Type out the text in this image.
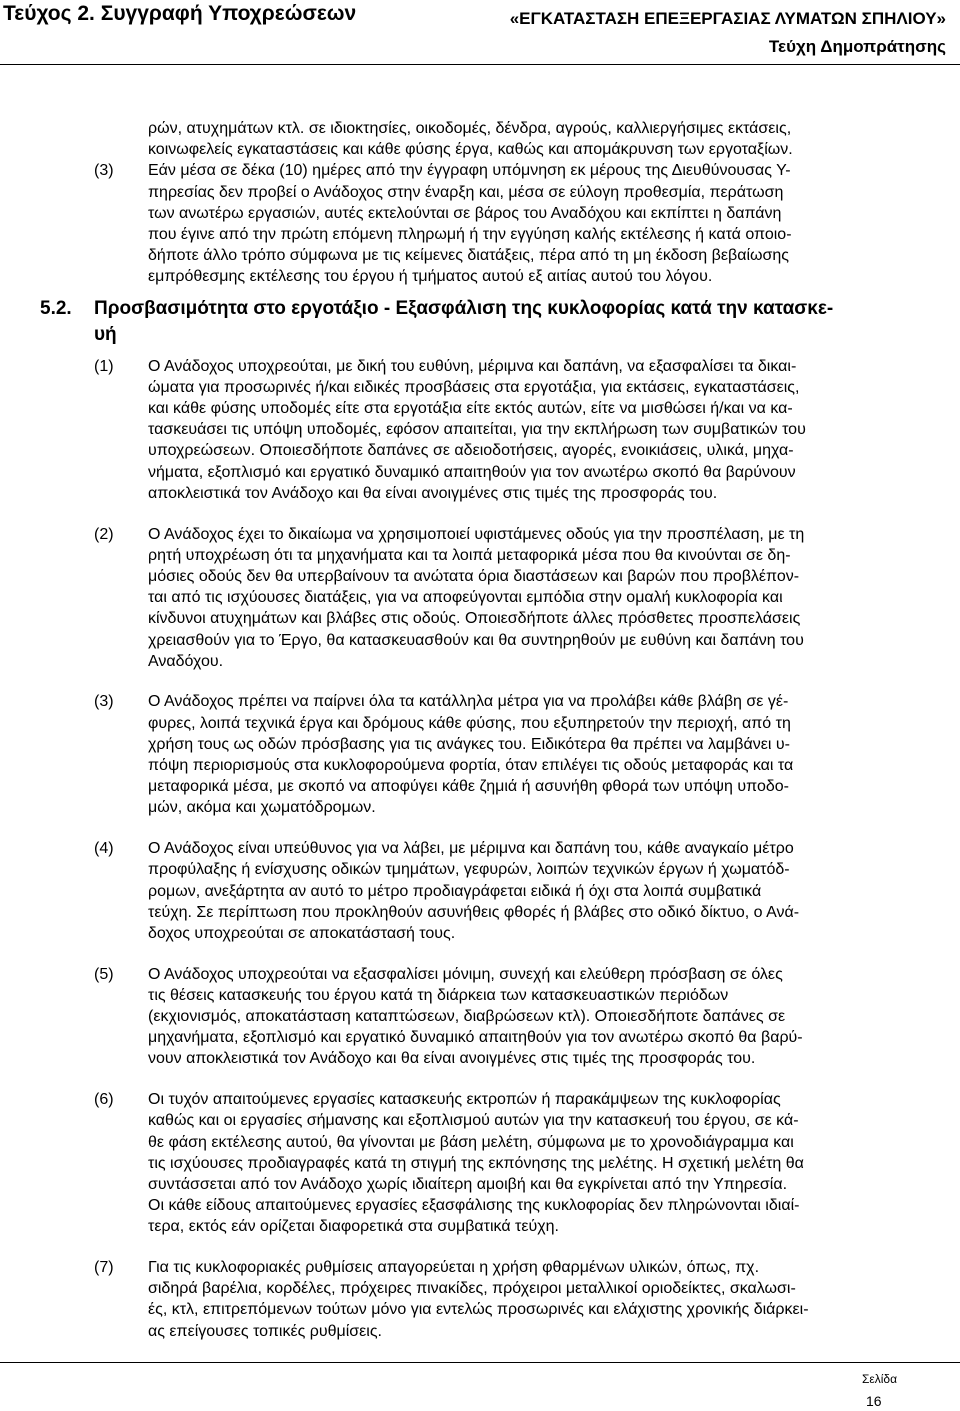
Τεύχος 2. Συγγραφή Υποχρεώσεων	«ΕΓΚΑΤΑΣΤΑΣΗ ΕΠΕΞΕΡΓΑΣΙΑΣ ΛΥΜΑΤΩΝ ΣΠΗΛΙΟΥ»
Τεύχη Δημοπράτησης
ρών, ατυχημάτων κτλ. σε ιδιοκτησίες, οικοδομές, δένδρα, αγρούς, καλλιεργήσιμες εκτάσεις,
κοινωφελείς εγκαταστάσεις και κάθε φύσης έργα, καθώς και απομάκρυνση των εργοταξίων.
(3) Εάν μέσα σε δέκα (10) ημέρες από την έγγραφη υπόμνηση εκ μέρους της Διευθύνουσας Υ-
πηρεσίας δεν προβεί ο Ανάδοχος στην έναρξη και, μέσα σε εύλογη προθεσμία, περάτωση
των ανωτέρω εργασιών, αυτές εκτελούνται σε βάρος του Αναδόχου και εκπίπτει η δαπάνη
που έγινε από την πρώτη επόμενη πληρωμή ή την εγγύηση καλής εκτέλεσης ή κατά οποιο-
δήποτε άλλο τρόπο σύμφωνα με τις κείμενες διατάξεις, πέρα από τη μη έκδοση βεβαίωσης
εμπρόθεσμης εκτέλεσης του έργου ή τμήματος αυτού εξ αιτίας αυτού του λόγου.
5.2. Προσβασιμότητα στο εργοτάξιο - Εξασφάλιση της κυκλοφορίας κατά την κατασκε-
υή
(1) Ο Ανάδοχος υποχρεούται, με δική του ευθύνη, μέριμνα και δαπάνη, να εξασφαλίσει τα δικαι-
ώματα για προσωρινές ή/και ειδικές προσβάσεις στα εργοτάξια, για εκτάσεις, εγκαταστάσεις,
και κάθε φύσης υποδομές είτε στα εργοτάξια είτε εκτός αυτών, είτε να μισθώσει ή/και να κα-
τασκευάσει τις υπόψη υποδομές, εφόσον απαιτείται, για την εκπλήρωση των συμβατικών του
υποχρεώσεων. Οποιεσδήποτε δαπάνες σε αδειοδοτήσεις, αγορές, ενοικιάσεις, υλικά, μηχα-
νήματα, εξοπλισμό και εργατικό δυναμικό απαιτηθούν για τον ανωτέρω σκοπό θα βαρύνουν
αποκλειστικά τον Ανάδοχο και θα είναι ανοιγμένες στις τιμές της προσφοράς του.
(2) Ο Ανάδοχος έχει το δικαίωμα να χρησιμοποιεί υφιστάμενες οδούς για την προσπέλαση, με τη
ρητή υποχρέωση ότι τα μηχανήματα και τα λοιπά μεταφορικά μέσα που θα κινούνται σε δη-
μόσιες οδούς δεν θα υπερβαίνουν τα ανώτατα όρια διαστάσεων και βαρών που προβλέπον-
ται από τις ισχύουσες διατάξεις, για να αποφεύγονται εμπόδια στην ομαλή κυκλοφορία και
κίνδυνοι ατυχημάτων και βλάβες στις οδούς. Οποιεσδήποτε άλλες πρόσθετες προσπελάσεις
χρειασθούν για το Έργο, θα κατασκευασθούν και θα συντηρηθούν με ευθύνη και δαπάνη του
Αναδόχου.
(3) Ο Ανάδοχος πρέπει να παίρνει όλα τα κατάλληλα μέτρα για να προλάβει κάθε βλάβη σε γέ-
φυρες, λοιπά τεχνικά έργα και δρόμους κάθε φύσης, που εξυπηρετούν την περιοχή, από τη
χρήση τους ως οδών πρόσβασης για τις ανάγκες του. Ειδικότερα θα πρέπει να λαμβάνει υ-
πόψη περιορισμούς στα κυκλοφορούμενα φορτία, όταν επιλέγει τις οδούς μεταφοράς και τα
μεταφορικά μέσα, με σκοπό να αποφύγει κάθε ζημιά ή ασυνήθη φθορά των υπόψη υποδο-
μών, ακόμα και χωματόδρομων.
(4) Ο Ανάδοχος είναι υπεύθυνος για να λάβει, με μέριμνα και δαπάνη του, κάθε αναγκαίο μέτρο
προφύλαξης ή ενίσχυσης οδικών τμημάτων, γεφυρών, λοιπών τεχνικών έργων ή χωματόδ-
ρομων, ανεξάρτητα αν αυτό το μέτρο προδιαγράφεται ειδικά ή όχι στα λοιπά συμβατικά
τεύχη. Σε περίπτωση που προκληθούν ασυνήθεις φθορές ή βλάβες στο οδικό δίκτυο, ο Ανά-
δοχος υποχρεούται σε αποκατάστασή τους.
(5) Ο Ανάδοχος υποχρεούται να εξασφαλίσει μόνιμη, συνεχή και ελεύθερη πρόσβαση σε όλες
τις θέσεις κατασκευής του έργου κατά τη διάρκεια των κατασκευαστικών περιόδων
(εκχιονισμός, αποκατάσταση καταπτώσεων, διαβρώσεων κτλ). Οποιεσδήποτε δαπάνες σε
μηχανήματα, εξοπλισμό και εργατικό δυναμικό απαιτηθούν για τον ανωτέρω σκοπό θα βαρύ-
νουν αποκλειστικά τον Ανάδοχο και θα είναι ανοιγμένες στις τιμές της προσφοράς του.
(6) Οι τυχόν απαιτούμενες εργασίες κατασκευής εκτροπών ή παρακάμψεων της κυκλοφορίας
καθώς και οι εργασίες σήμανσης και εξοπλισμού αυτών για την κατασκευή του έργου, σε κά-
θε φάση εκτέλεσης αυτού, θα γίνονται με βάση μελέτη, σύμφωνα με το χρονοδιάγραμμα και
τις ισχύουσες προδιαγραφές κατά τη στιγμή της εκπόνησης της μελέτης. Η σχετική μελέτη θα
συντάσσεται από τον Ανάδοχο χωρίς ιδιαίτερη αμοιβή και θα εγκρίνεται από την Υπηρεσία.
Οι κάθε είδους απαιτούμενες εργασίες εξασφάλισης της κυκλοφορίας δεν πληρώνονται ιδιαί-
τερα, εκτός εάν ορίζεται διαφορετικά στα συμβατικά τεύχη.
(7) Για τις κυκλοφοριακές ρυθμίσεις απαγορεύεται η χρήση φθαρμένων υλικών, όπως, πχ.
σιδηρά βαρέλια, κορδέλες, πρόχειρες πινακίδες, πρόχειροι μεταλλικοί οριοδείκτες, σκαλωσι-
ές, κτλ, επιτρεπόμενων τούτων μόνο για εντελώς προσωρινές και ελάχιστης χρονικής διάρκει-
ας επείγουσες τοπικές ρυθμίσεις.
Σελίδα
16
